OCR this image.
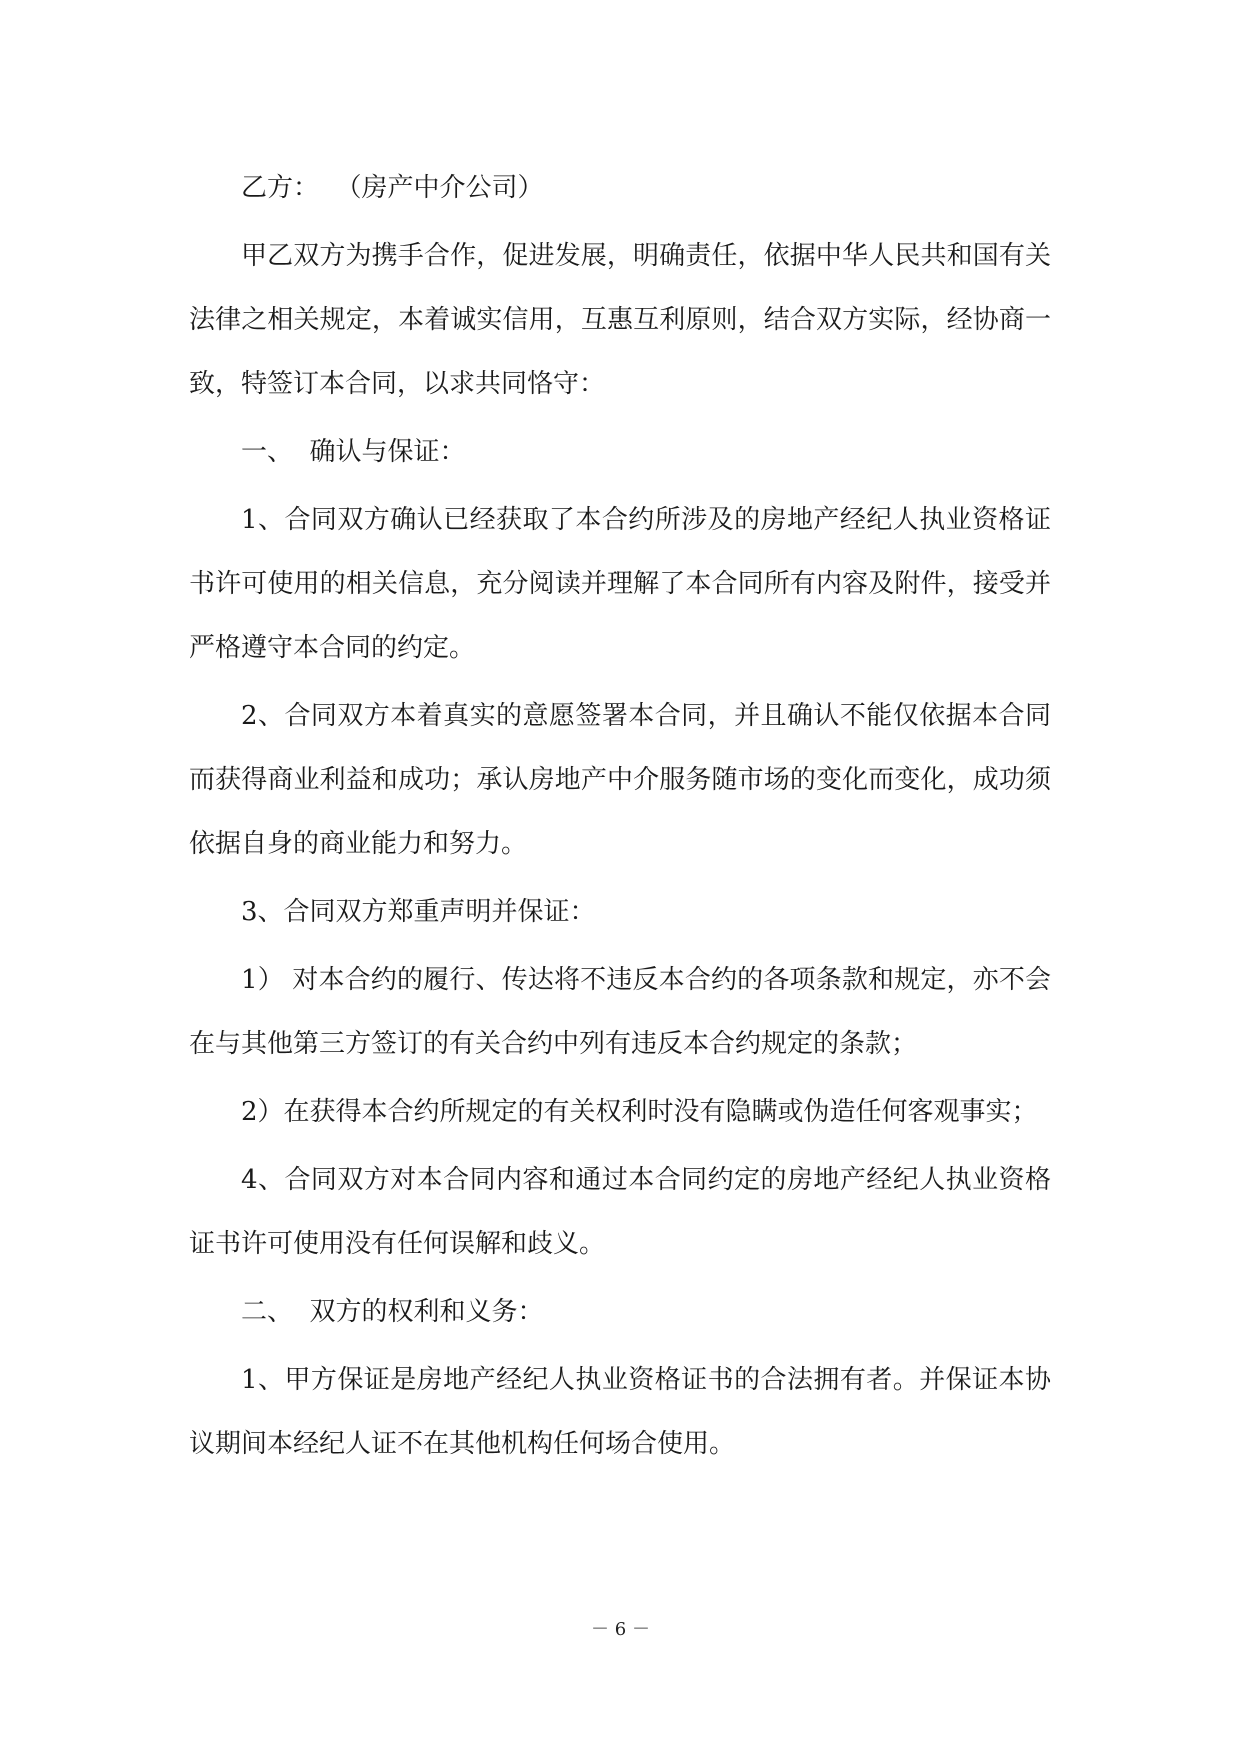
乙方：  （房产中介公司）

甲乙双方为携手合作，促进发展，明确责任，依据中华人民共和国有关法律之相关规定，本着诚实信用，互惠互利原则，结合双方实际，经协商一致，特签订本合同，以求共同恪守：

一、  确认与保证：

1、合同双方确认已经获取了本合约所涉及的房地产经纪人执业资格证书许可使用的相关信息，充分阅读并理解了本合同所有内容及附件，接受并严格遵守本合同的约定。

2、合同双方本着真实的意愿签署本合同，并且确认不能仅依据本合同而获得商业利益和成功；承认房地产中介服务随市场的变化而变化，成功须依据自身的商业能力和努力。

3、合同双方郑重声明并保证：

1） 对本合约的履行、传达将不违反本合约的各项条款和规定，亦不会在与其他第三方签订的有关合约中列有违反本合约规定的条款；

2）在获得本合约所规定的有关权利时没有隐瞒或伪造任何客观事实；

4、合同双方对本合同内容和通过本合同约定的房地产经纪人执业资格证书许可使用没有任何误解和歧义。

二、  双方的权利和义务：

1、甲方保证是房地产经纪人执业资格证书的合法拥有者。并保证本协议期间本经纪人证不在其他机构任何场合使用。

－ 6 －
